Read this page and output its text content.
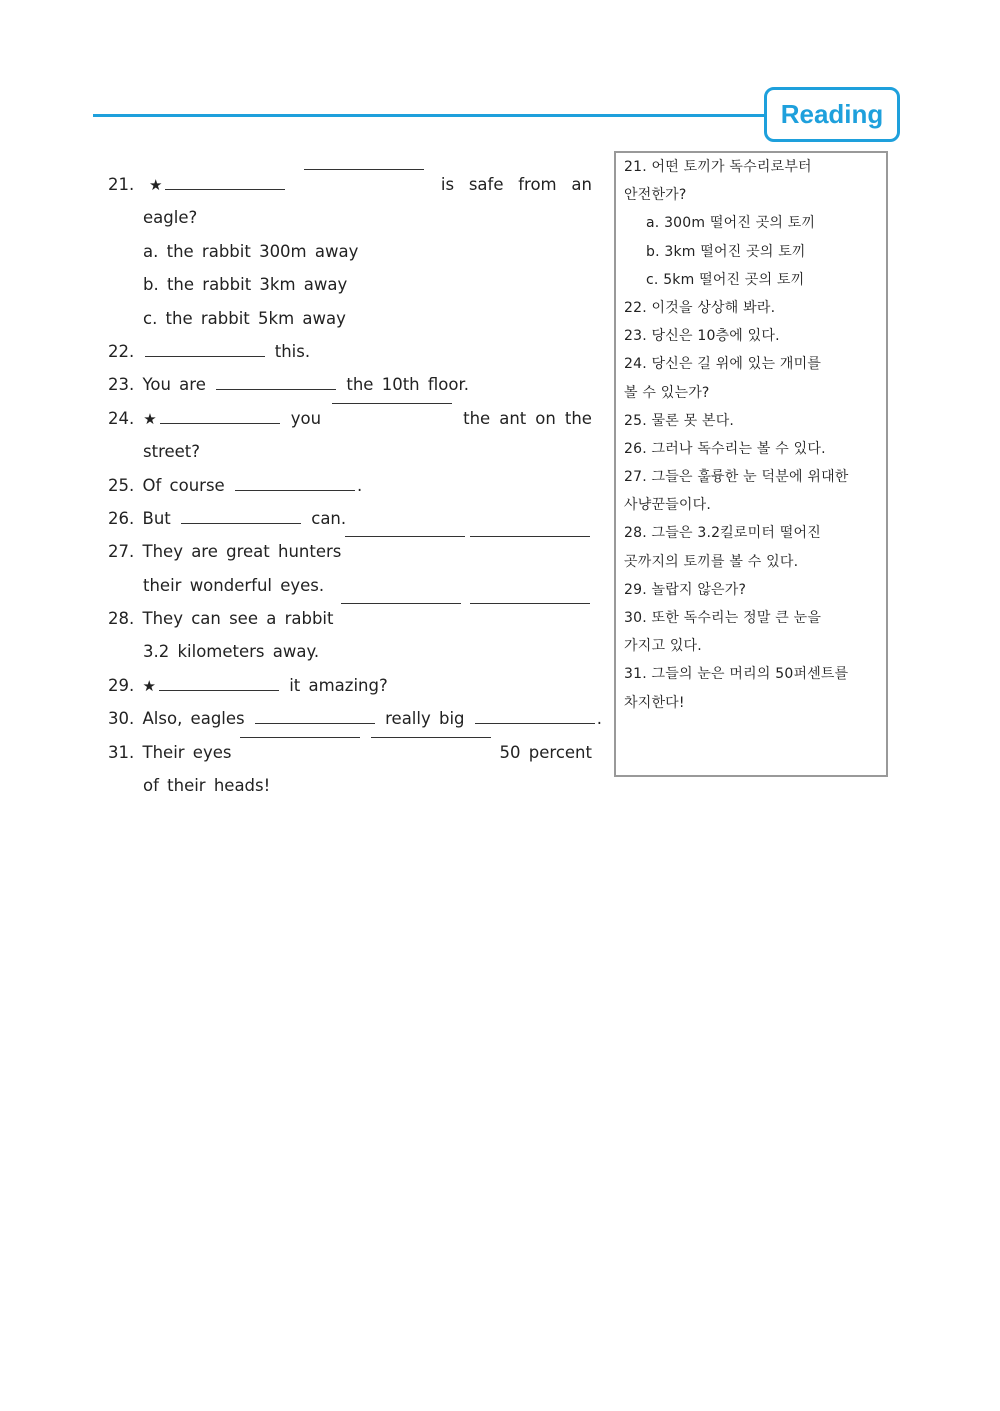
Reading
21. ★	is safe from an
eagle?
a. the rabbit 300m away
b. the rabbit 3km away
c. the rabbit 5km away
22.	this.
23. You are	the 10th floor.
24. ★	you	the ant on the
street?
25. Of course	.
26. But	can.
27. They are great hunters
their wonderful eyes.
28. They can see a rabbit
3.2 kilometers away.
29. ★	it amazing?
30. Also, eagles	really big	.
31. Their eyes	50 percent
of their heads!
21. 어떤 토끼가 독수리로부터
안전한가?
a. 300m 떨어진 곳의 토끼
b. 3km 떨어진 곳의 토끼
c. 5km 떨어진 곳의 토끼
22. 이것을 상상해 봐라.
23. 당신은 10층에 있다.
24. 당신은 길 위에 있는 개미를
볼 수 있는가?
25. 물론 못 본다.
26. 그러나 독수리는 볼 수 있다.
27. 그들은 훌륭한 눈 덕분에 위대한
사냥꾼들이다.
28. 그들은 3.2킬로미터 떨어진
곳까지의 토끼를 볼 수 있다.
29. 놀랍지 않은가?
30. 또한 독수리는 정말 큰 눈을
가지고 있다.
31. 그들의 눈은 머리의 50퍼센트를
차지한다!
